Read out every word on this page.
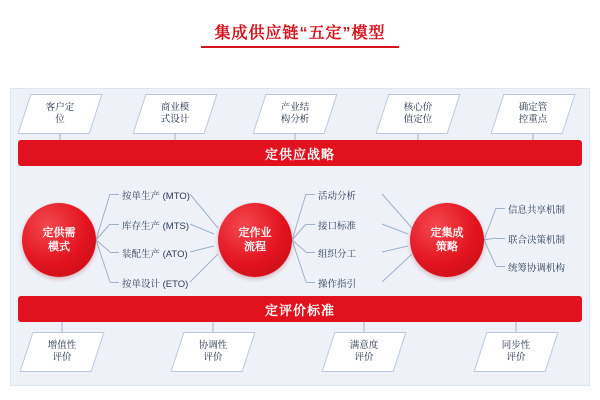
集成供应链“五定”模型
客户定
位
商业模
式设计
产业结
构分析
核心价
值定位
确定管
控重点
定供应战略
定评价标准
定供需
模式
定作业
流程
定集成
策略
按单生产 (MTO)
库存生产 (MTS)
装配生产 (ATO)
按单设计 (ETO)
活动分析
接口标准
组织分工
操作指引
信息共享机制
联合决策机制
统筹协调机构
增值性
评价
协调性
评价
满意度
评价
同步性
评价
